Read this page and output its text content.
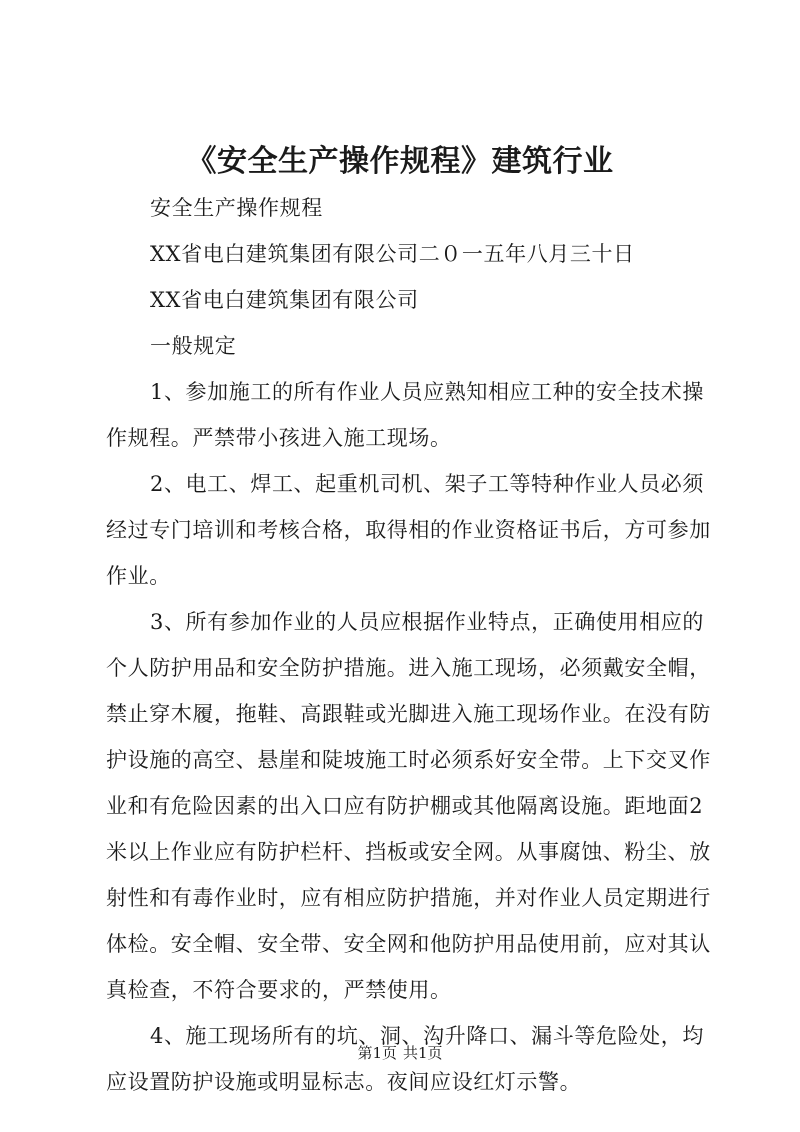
《安全生产操作规程》建筑行业
安全生产操作规程
XX省电白建筑集团有限公司二０一五年八月三十日
XX省电白建筑集团有限公司
一般规定
1、参加施工的所有作业人员应熟知相应工种的安全技术操
作规程。严禁带小孩进入施工现场。
2、电工、焊工、起重机司机、架子工等特种作业人员必须
经过专门培训和考核合格，取得相的作业资格证书后，方可参加
作业。
3、所有参加作业的人员应根据作业特点，正确使用相应的
个人防护用品和安全防护措施。进入施工现场，必须戴安全帽，
禁止穿木履，拖鞋、高跟鞋或光脚进入施工现场作业。在没有防
护设施的高空、悬崖和陡坡施工时必须系好安全带。上下交叉作
业和有危险因素的出入口应有防护棚或其他隔离设施。距地面2
米以上作业应有防护栏杆、挡板或安全网。从事腐蚀、粉尘、放
射性和有毒作业时，应有相应防护措施，并对作业人员定期进行
体检。安全帽、安全带、安全网和他防护用品使用前，应对其认
真检查，不符合要求的，严禁使用。
4、施工现场所有的坑、洞、沟升降口、漏斗等危险处，均
应设置防护设施或明显标志。夜间应设红灯示警。
第1页 共1页
